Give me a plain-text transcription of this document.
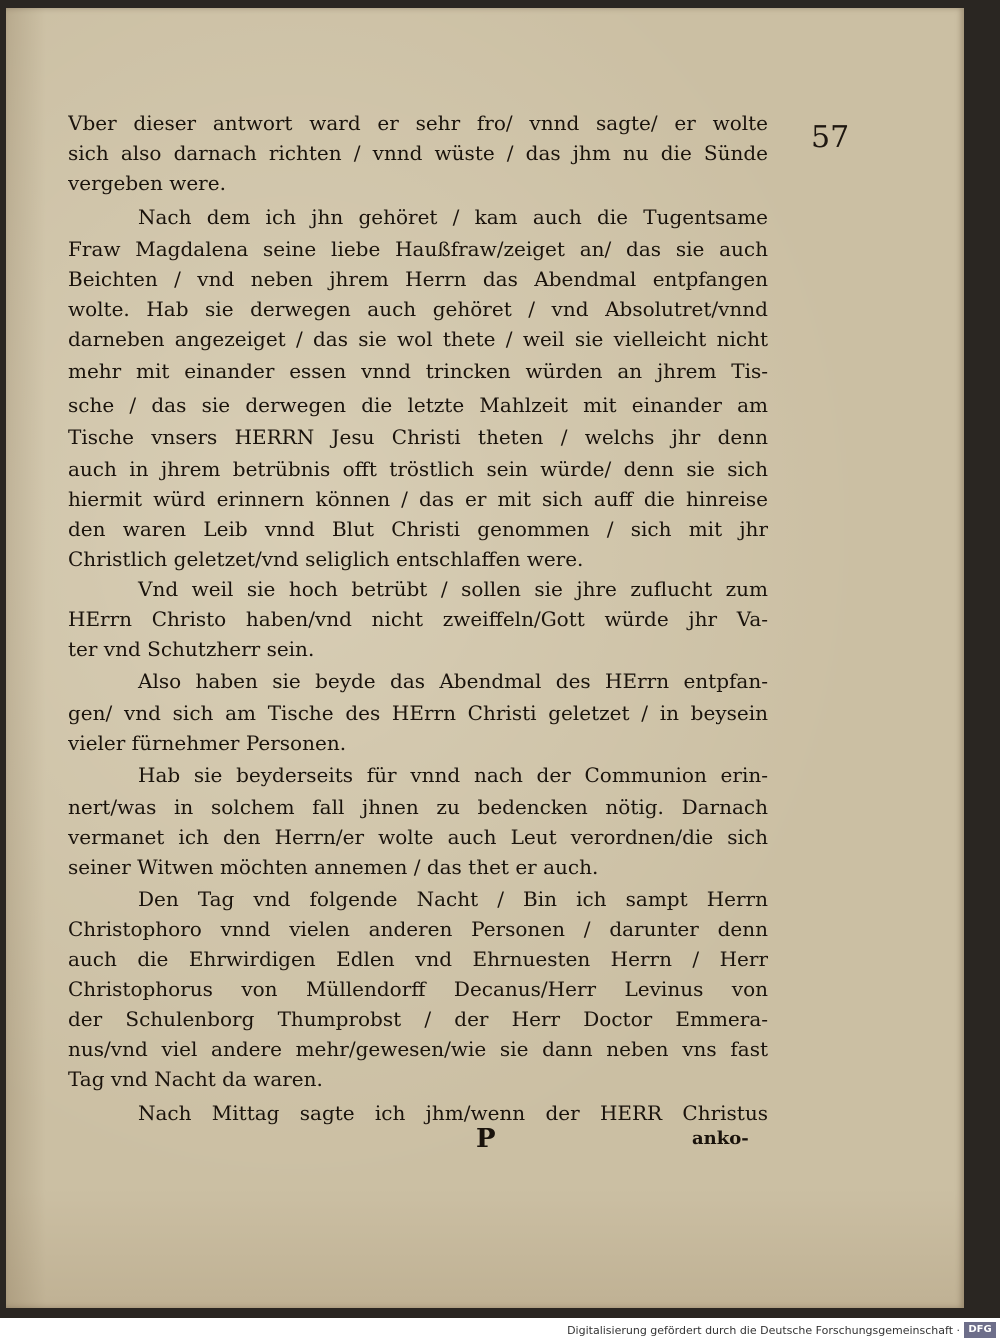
57
Vber dieser antwort ward er sehr fro/ vnnd sagte/ er wolte
sich also darnach richten / vnnd wüste / das jhm nu die Sünde
vergeben were.
Nach dem ich jhn gehöret / kam auch die Tugentsame
Fraw Magdalena seine liebe Haußfraw/zeiget an/ das sie auch
Beichten / vnd neben jhrem Herrn das Abendmal entpfangen
wolte. Hab sie derwegen auch gehöret / vnd Absolutret/vnnd
darneben angezeiget / das sie wol thete / weil sie vielleicht nicht
mehr mit einander essen vnnd trincken würden an jhrem Tis-
sche / das sie derwegen die letzte Mahlzeit mit einander am
Tische vnsers HERRN Jesu Christi theten / welchs jhr denn
auch in jhrem betrübnis offt tröstlich sein würde/ denn sie sich
hiermit würd erinnern können / das er mit sich auff die hinreise
den waren Leib vnnd Blut Christi genommen / sich mit jhr
Christlich geletzet/vnd seliglich entschlaffen were.
Vnd weil sie hoch betrübt / sollen sie jhre zuflucht zum
HErrn Christo haben/vnd nicht zweiffeln/Gott würde jhr Va-
ter vnd Schutzherr sein.
Also haben sie beyde das Abendmal des HErrn entpfan-
gen/ vnd sich am Tische des HErrn Christi geletzet / in beysein
vieler fürnehmer Personen.
Hab sie beyderseits für vnnd nach der Communion erin-
nert/was in solchem fall jhnen zu bedencken nötig. Darnach
vermanet ich den Herrn/er wolte auch Leut verordnen/die sich
seiner Witwen möchten annemen / das thet er auch.
Den Tag vnd folgende Nacht / Bin ich sampt Herrn
Christophoro vnnd vielen anderen Personen / darunter denn
auch die Ehrwirdigen Edlen vnd Ehrnuesten Herrn / Herr
Christophorus von Müllendorff Decanus/Herr Levinus von
der Schulenborg Thumprobst / der Herr Doctor Emmera-
nus/vnd viel andere mehr/gewesen/wie sie dann neben vns fast
Tag vnd Nacht da waren.
Nach Mittag sagte ich jhm/wenn der HERR Christus
P	anko-
Digitalisierung gefördert durch die Deutsche Forschungsgemeinschaft · DFG
